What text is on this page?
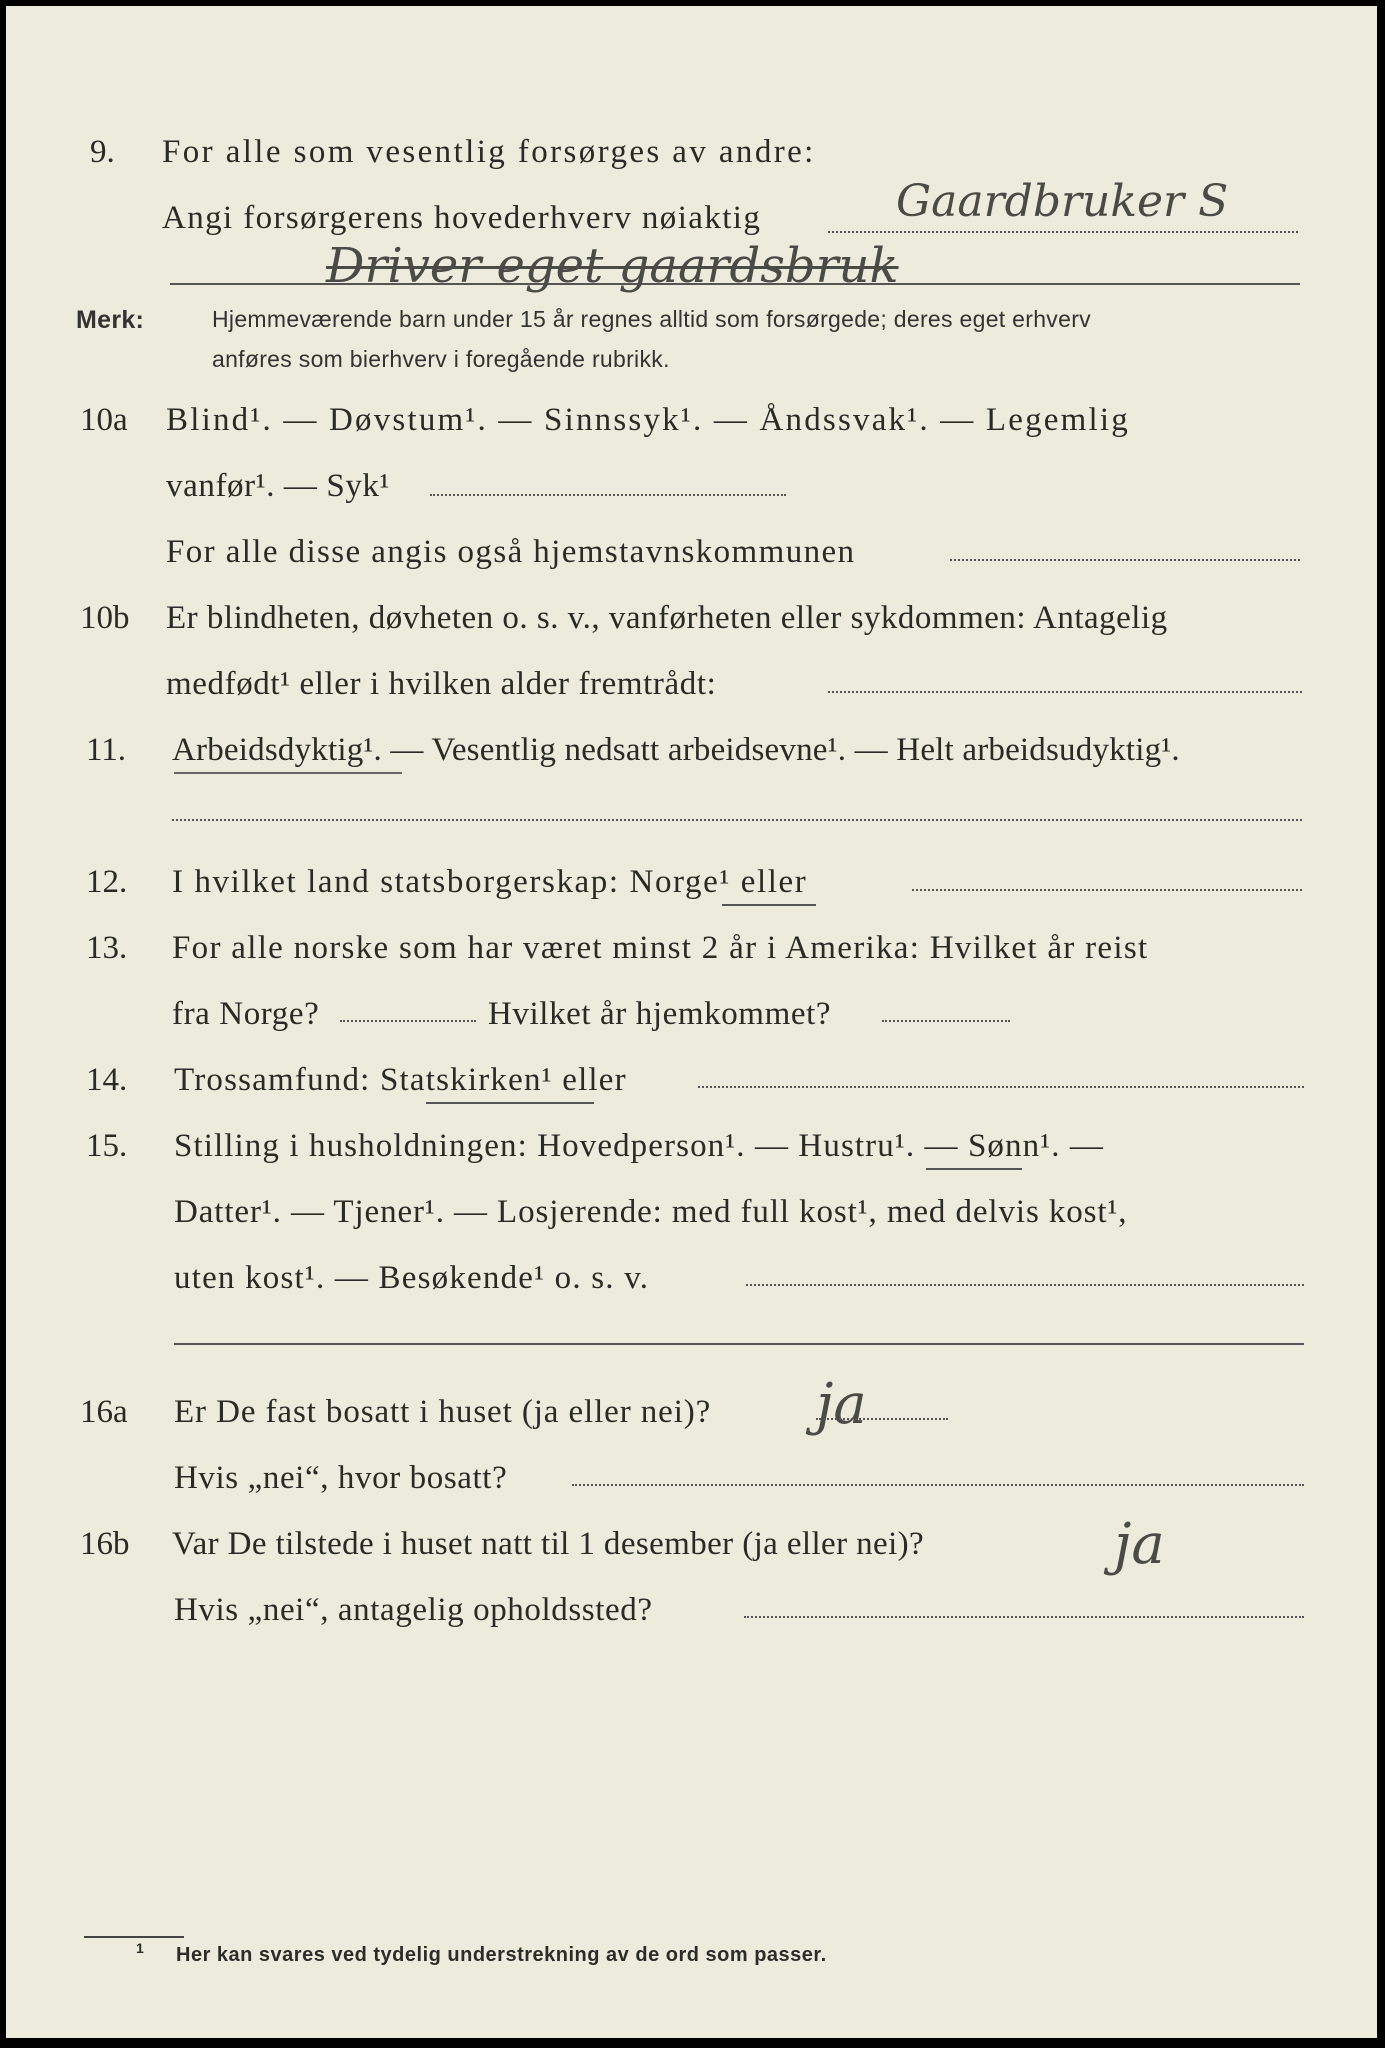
9. For alle som vesentlig forsørges av andre:
Angi forsørgerens hovederhverv nøiaktig	Gaardbruker S
Driver eget gaardsbruk
Merk:	Hjemmeværende barn under 15 år regnes alltid som forsørgede; deres eget erhverv
anføres som bierhverv i foregående rubrikk.
10a Blind¹. — Døvstum¹. — Sinnssyk¹. — Åndssvak¹. — Legemlig
vanfør¹. — Syk¹
For alle disse angis også hjemstavnskommunen
10b Er blindheten, døvheten o. s. v., vanførheten eller sykdommen: Antagelig
medfødt¹ eller i hvilken alder fremtrådt:
11. Arbeidsdyktig¹. — Vesentlig nedsatt arbeidsevne¹. — Helt arbeidsudyktig¹.
12. I hvilket land statsborgerskap: Norge¹ eller
13. For alle norske som har været minst 2 år i Amerika: Hvilket år reist
fra Norge?	Hvilket år hjemkommet?
14. Trossamfund: Statskirken¹ eller
15. Stilling i husholdningen: Hovedperson¹. — Hustru¹. — Sønn¹. —
Datter¹. — Tjener¹. — Losjerende: med full kost¹, med delvis kost¹,
uten kost¹. — Besøkende¹ o. s. v.
16a Er De fast bosatt i huset (ja eller nei)? ja
Hvis „nei“, hvor bosatt?
16b Var De tilstede i huset natt til 1 desember (ja eller nei)?	ja
Hvis „nei“, antagelig opholdssted?
1 Her kan svares ved tydelig understrekning av de ord som passer.
